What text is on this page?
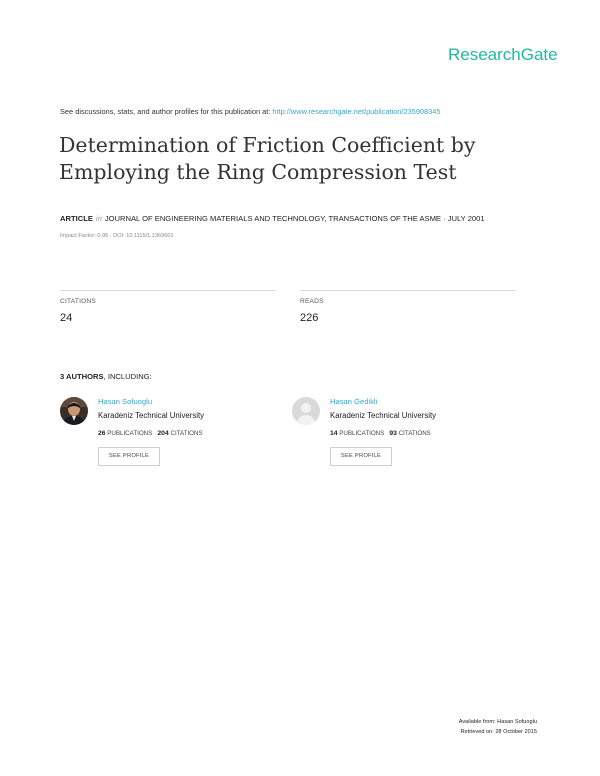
ResearchGate
See discussions, stats, and author profiles for this publication at: http://www.researchgate.net/publication/235908345
Determination of Friction Coefficient by
Employing the Ring Compression Test
ARTICLE in JOURNAL OF ENGINEERING MATERIALS AND TECHNOLOGY, TRANSACTIONS OF THE ASME · JULY 2001
Impact Factor: 0.96 · DOI: 10.1115/1.1369601
CITATIONS
24
READS
226
3 AUTHORS, INCLUDING:
Hasan Sofuoglu
Karadeniz Technical University
26 PUBLICATIONS 204 CITATIONS
SEE PROFILE
Hasan Gedikli
Karadeniz Technical University
14 PUBLICATIONS 93 CITATIONS
SEE PROFILE
Available from: Hasan Sofuoglu
Retrieved on: 28 October 2015
